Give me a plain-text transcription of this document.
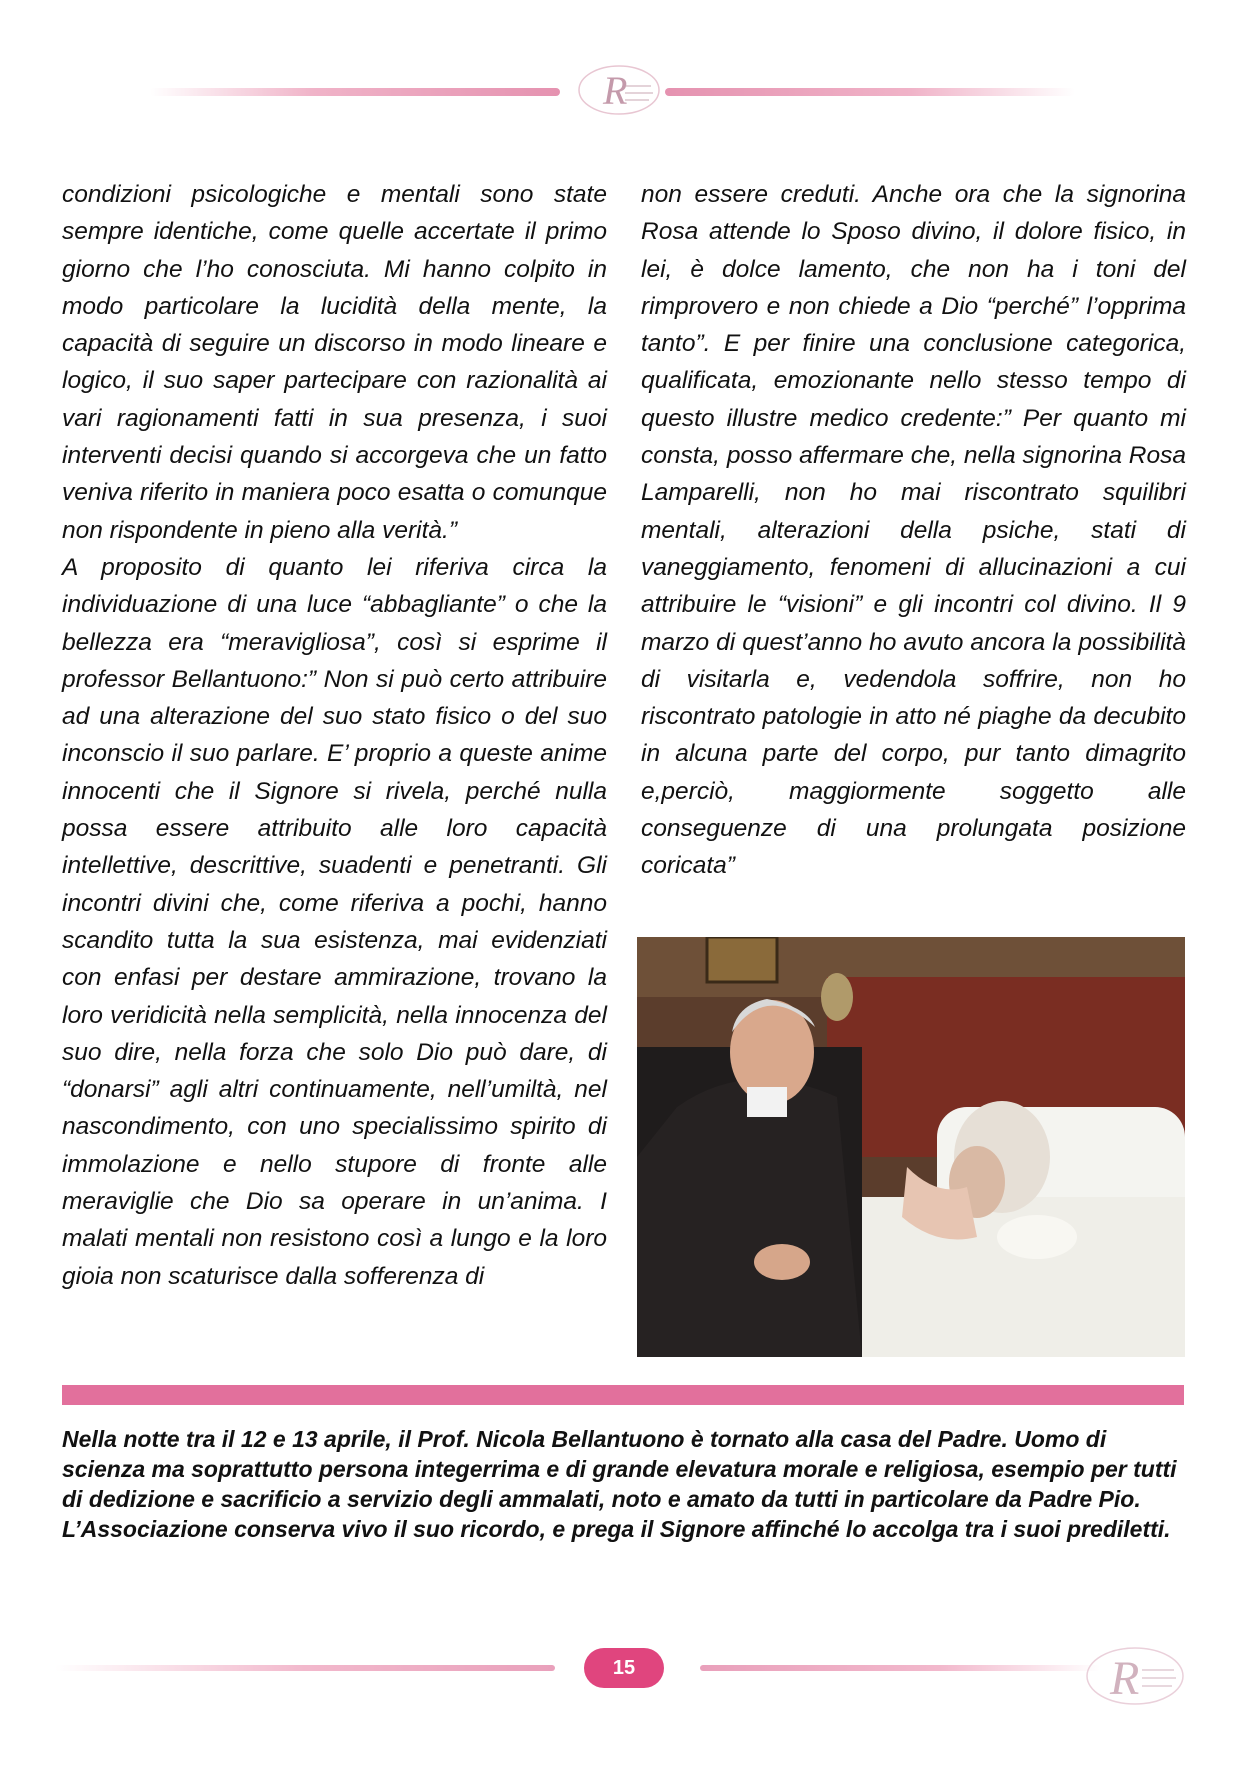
R

condizioni psicologiche e mentali sono state sempre identiche, come quelle accertate il primo giorno che l’ho conosciuta. Mi hanno colpito in modo particolare la lucidità della mente, la capacità di seguire un discorso in modo lineare e logico, il suo saper partecipare con razionalità ai vari ragionamenti fatti in sua presenza, i suoi interventi decisi quando si accorgeva che un fatto veniva riferito in maniera poco esatta o comunque non rispondente in pieno alla verità.”

A proposito di quanto lei riferiva circa la individuazione di una luce “abbagliante” o che la bellezza era “meravigliosa”, così si esprime il professor Bellantuono:” Non si può certo attribuire ad una alterazione del suo stato fisico o del suo inconscio il suo parlare. E’ proprio a queste anime innocenti che il Signore si rivela, perché nulla possa essere attribuito alle loro capacità intellettive, descrittive, suadenti e penetranti. Gli incontri divini che, come riferiva a pochi, hanno scandito tutta la sua esistenza, mai evidenziati con enfasi per destare ammirazione, trovano la loro veridicità nella semplicità, nella innocenza del suo dire, nella forza che solo Dio può dare, di “donarsi” agli altri continuamente, nell’umiltà, nel nascondimento, con uno specialissimo spirito di immolazione e nello stupore di fronte alle meraviglie che Dio sa operare in un’anima. I malati mentali non resistono così a lungo e la loro gioia non scaturisce dalla sofferenza di

non essere creduti. Anche ora che la signorina Rosa attende lo Sposo divino, il dolore fisico, in lei, è dolce lamento, che non ha i toni del rimprovero e non chiede a Dio “perché” l’opprima tanto”. E per finire una conclusione categorica, qualificata, emozionante nello stesso tempo di questo illustre medico credente:” Per quanto mi consta, posso affermare che, nella signorina Rosa Lamparelli, non ho mai riscontrato squilibri mentali, alterazioni della psiche, stati di vaneggiamento, fenomeni di allucinazioni a cui attribuire le “visioni” e gli incontri col divino. Il 9 marzo di quest’anno ho avuto ancora la possibilità di visitarla e, vedendola soffrire, non ho riscontrato patologie in atto né piaghe da decubito in alcuna parte del corpo, pur tanto dimagrito e,perciò, maggiormente soggetto alle conseguenze di una prolungata posizione coricata”

Nella notte tra il 12 e 13 aprile, il Prof. Nicola Bellantuono è tornato alla casa del Padre. Uomo di scienza ma soprattutto persona integerrima e di grande elevatura morale e religiosa, esempio per tutti di dedizione e sacrificio a servizio degli ammalati, noto e amato da tutti in particolare da Padre Pio.

L’Associazione conserva vivo il suo ricordo, e prega il Signore affinché lo accolga tra i suoi prediletti.

15	R
